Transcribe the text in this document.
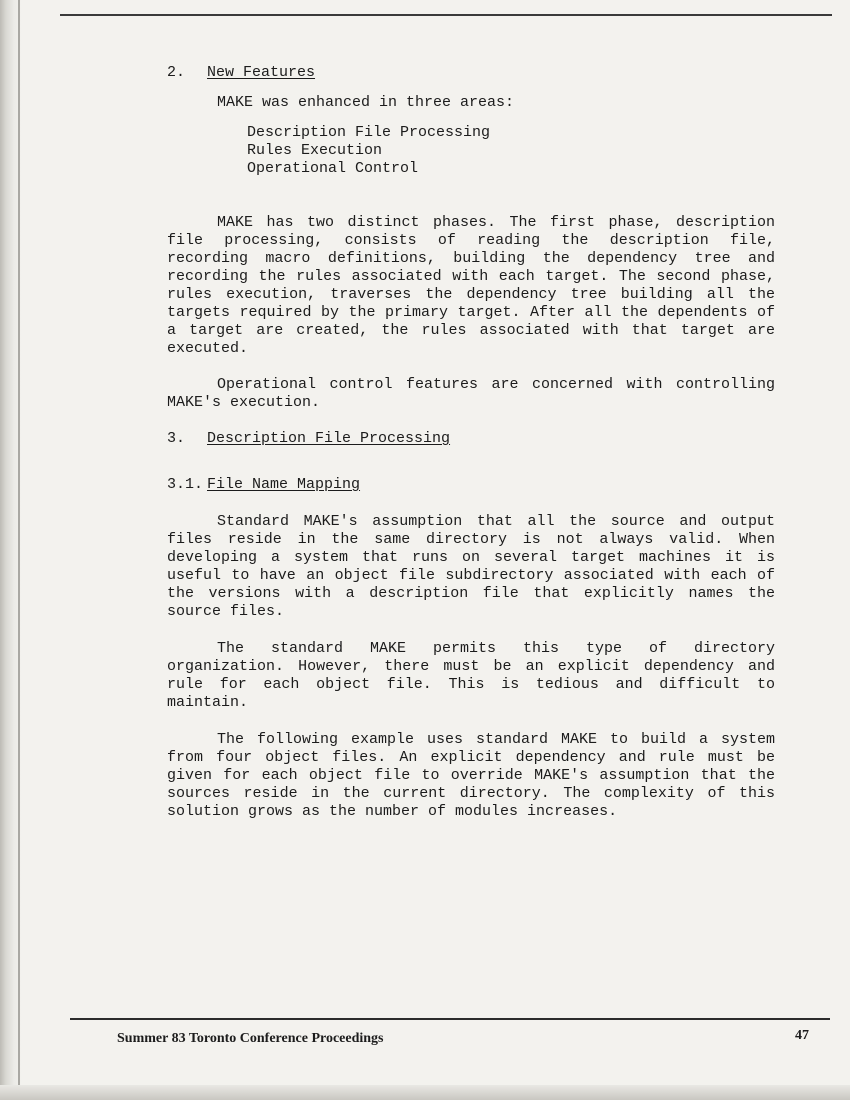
2. New Features

MAKE was enhanced in three areas:

Description File Processing
Rules Execution
Operational Control

MAKE has two distinct phases. The first phase, description file processing, consists of reading the description file, recording macro definitions, building the dependency tree and recording the rules associated with each target. The second phase, rules execution, traverses the dependency tree building all the targets required by the primary target. After all the dependents of a target are created, the rules associated with that target are executed.

Operational control features are concerned with controlling MAKE's execution.

3. Description File Processing
3.1. File Name Mapping

Standard MAKE's assumption that all the source and output files reside in the same directory is not always valid. When developing a system that runs on several target machines it is useful to have an object file subdirectory associated with each of the versions with a description file that explicitly names the source files.

The standard MAKE permits this type of directory organization. However, there must be an explicit dependency and rule for each object file. This is tedious and difficult to maintain.

The following example uses standard MAKE to build a system from four object files. An explicit dependency and rule must be given for each object file to override MAKE's assumption that the sources reside in the current directory. The complexity of this solution grows as the number of modules increases.

Summer 83 Toronto Conference Proceedings	47
